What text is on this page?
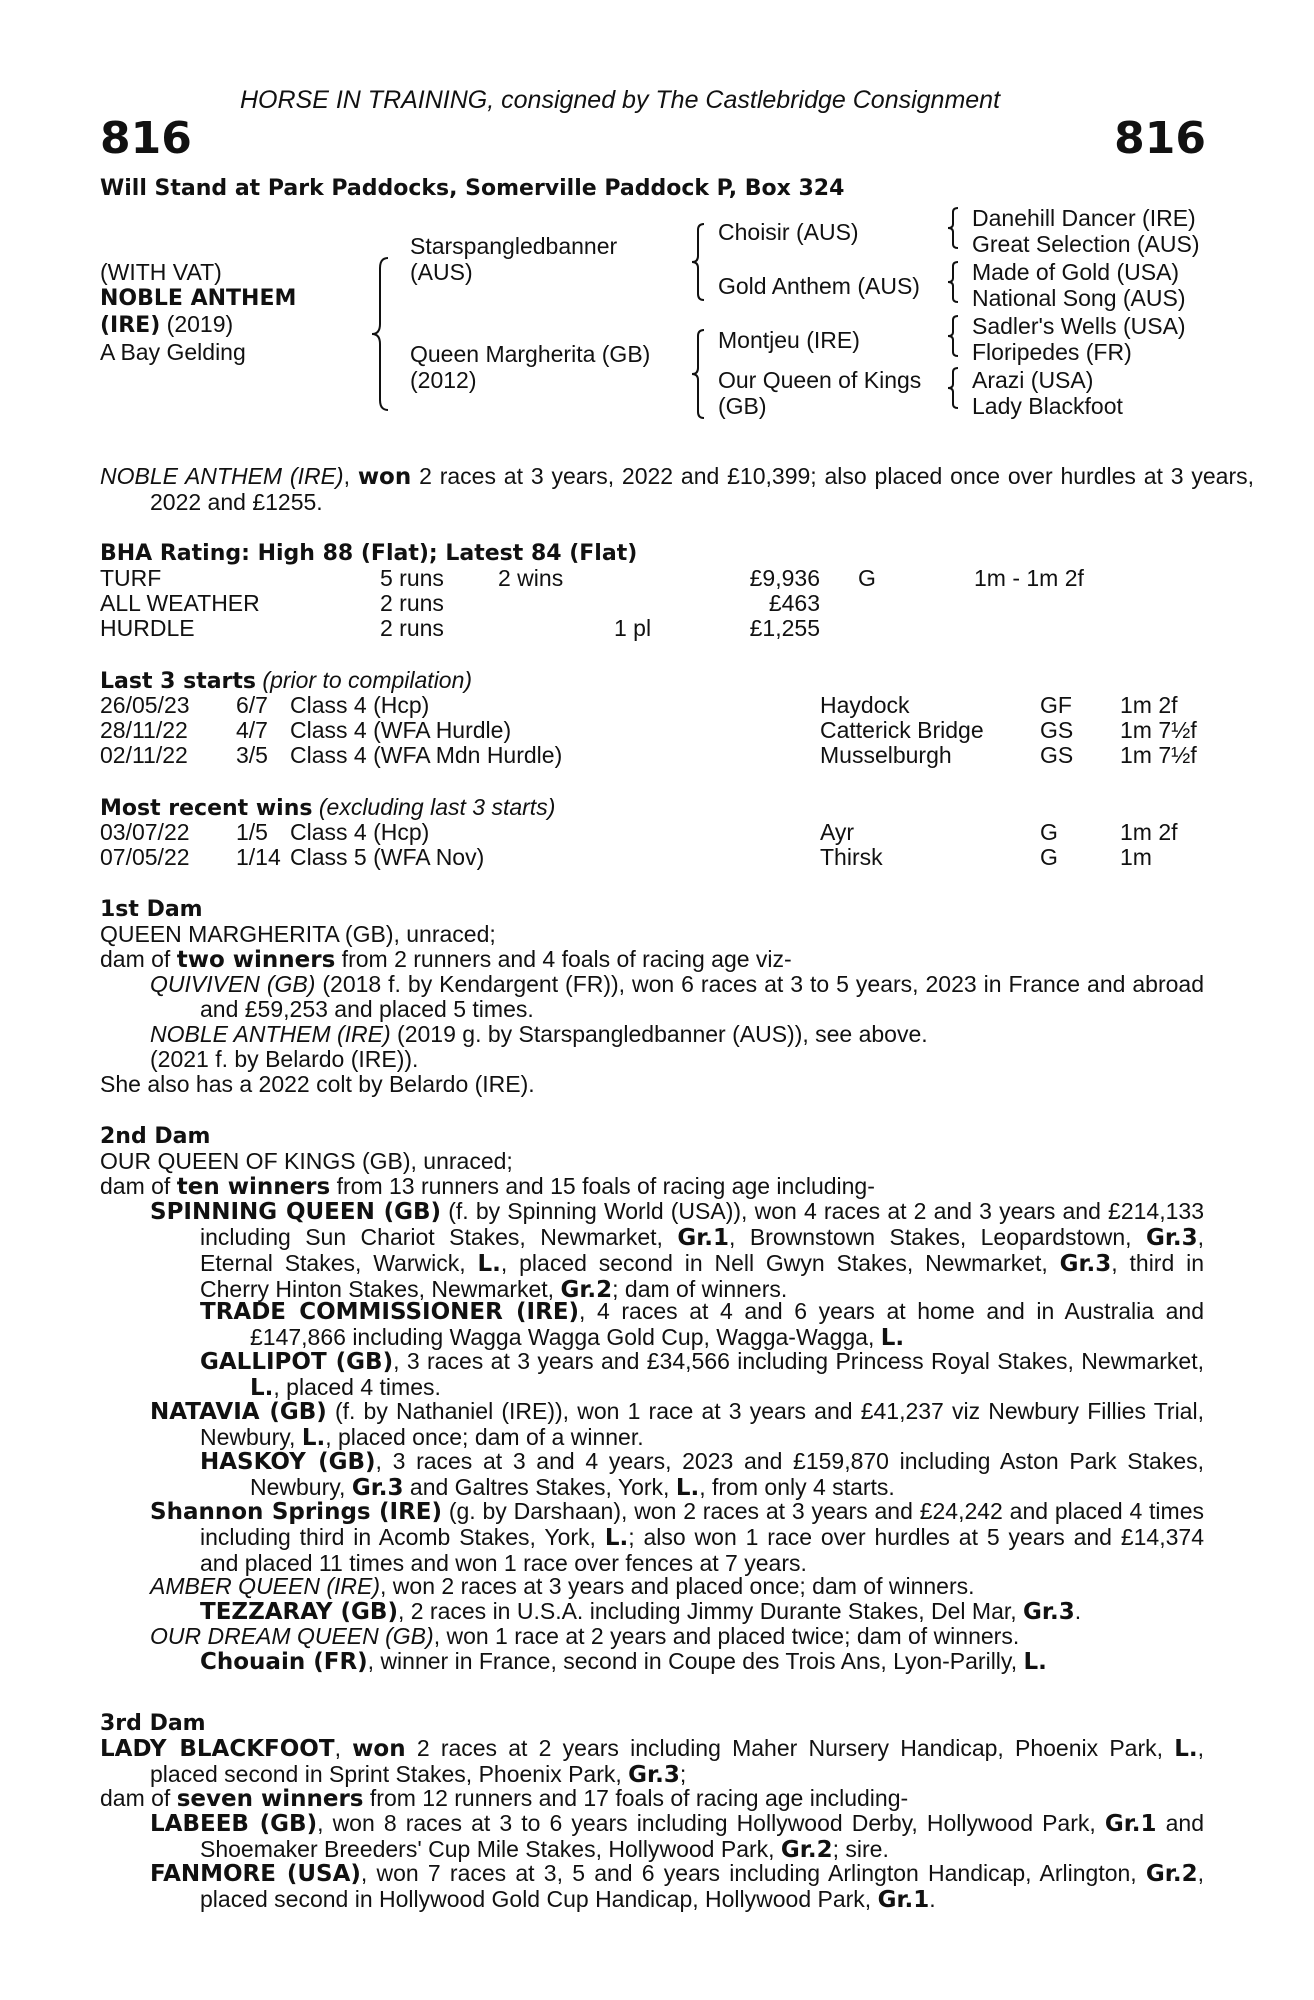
HORSE IN TRAINING, consigned by The Castlebridge Consignment
816	816
Will Stand at Park Paddocks, Somerville Paddock P, Box 324
(WITH VAT)
NOBLE ANTHEM
(IRE) (2019)
A Bay Gelding
Starspangledbanner
(AUS)
Queen Margherita (GB)
(2012)
Choisir (AUS)
Gold Anthem (AUS)
Montjeu (IRE)
Our Queen of Kings
(GB)
Danehill Dancer (IRE)
Great Selection (AUS)
Made of Gold (USA)
National Song (AUS)
Sadler's Wells (USA)
Floripedes (FR)
Arazi (USA)
Lady Blackfoot

NOBLE ANTHEM (IRE), won 2 races at 3 years, 2022 and £10,399; also placed once over hurdles at 3 years, 2022 and £1255.

BHA Rating: High 88 (Flat); Latest 84 (Flat)
TURF	5 runs 2 wins	£9,936 G	1m - 1m 2f
ALL WEATHER	2 runs	£463
HURDLE	2 runs	1 pl	£1,255
Last 3 starts (prior to compilation)
26/05/23 6/7 Class 4 (Hcp)	Haydock	GF 1m 2f
28/11/22 4/7 Class 4 (WFA Hurdle)	Catterick Bridge GS 1m 7½f
02/11/22 3/5 Class 4 (WFA Mdn Hurdle)	Musselburgh	GS 1m 7½f
Most recent wins (excluding last 3 starts)
03/07/22 1/5 Class 4 (Hcp)	Ayr	G	1m 2f
07/05/22 1/14 Class 5 (WFA Nov)	Thirsk	G	1m
1st Dam
QUEEN MARGHERITA (GB), unraced;
dam of two winners from 2 runners and 4 foals of racing age viz-

QUIVIVEN (GB) (2018 f. by Kendargent (FR)), won 6 races at 3 to 5 years, 2023 in France and abroad and £59,253 and placed 5 times.

NOBLE ANTHEM (IRE) (2019 g. by Starspangledbanner (AUS)), see above.
(2021 f. by Belardo (IRE)).
She also has a 2022 colt by Belardo (IRE).
2nd Dam
OUR QUEEN OF KINGS (GB), unraced;
dam of ten winners from 13 runners and 15 foals of racing age including-

SPINNING QUEEN (GB) (f. by Spinning World (USA)), won 4 races at 2 and 3 years and £214,133 including Sun Chariot Stakes, Newmarket, Gr.1, Brownstown Stakes, Leopardstown, Gr.3, Eternal Stakes, Warwick, L., placed second in Nell Gwyn Stakes, Newmarket, Gr.3, third in Cherry Hinton Stakes, Newmarket, Gr.2; dam of winners.

TRADE COMMISSIONER (IRE), 4 races at 4 and 6 years at home and in Australia and £147,866 including Wagga Wagga Gold Cup, Wagga-Wagga, L.

GALLIPOT (GB), 3 races at 3 years and £34,566 including Princess Royal Stakes, Newmarket, L., placed 4 times.

NATAVIA (GB) (f. by Nathaniel (IRE)), won 1 race at 3 years and £41,237 viz Newbury Fillies Trial, Newbury, L., placed once; dam of a winner.

HASKOY (GB), 3 races at 3 and 4 years, 2023 and £159,870 including Aston Park Stakes, Newbury, Gr.3 and Galtres Stakes, York, L., from only 4 starts.

Shannon Springs (IRE) (g. by Darshaan), won 2 races at 3 years and £24,242 and placed 4 times including third in Acomb Stakes, York, L.; also won 1 race over hurdles at 5 years and £14,374 and placed 11 times and won 1 race over fences at 7 years.

AMBER QUEEN (IRE), won 2 races at 3 years and placed once; dam of winners.
TEZZARAY (GB), 2 races in U.S.A. including Jimmy Durante Stakes, Del Mar, Gr.3.
OUR DREAM QUEEN (GB), won 1 race at 2 years and placed twice; dam of winners.
Chouain (FR), winner in France, second in Coupe des Trois Ans, Lyon-Parilly, L.
3rd Dam

LADY BLACKFOOT, won 2 races at 2 years including Maher Nursery Handicap, Phoenix Park, L., placed second in Sprint Stakes, Phoenix Park, Gr.3;

dam of seven winners from 12 runners and 17 foals of racing age including-

LABEEB (GB), won 8 races at 3 to 6 years including Hollywood Derby, Hollywood Park, Gr.1 and Shoemaker Breeders' Cup Mile Stakes, Hollywood Park, Gr.2; sire.

FANMORE (USA), won 7 races at 3, 5 and 6 years including Arlington Handicap, Arlington, Gr.2, placed second in Hollywood Gold Cup Handicap, Hollywood Park, Gr.1.
